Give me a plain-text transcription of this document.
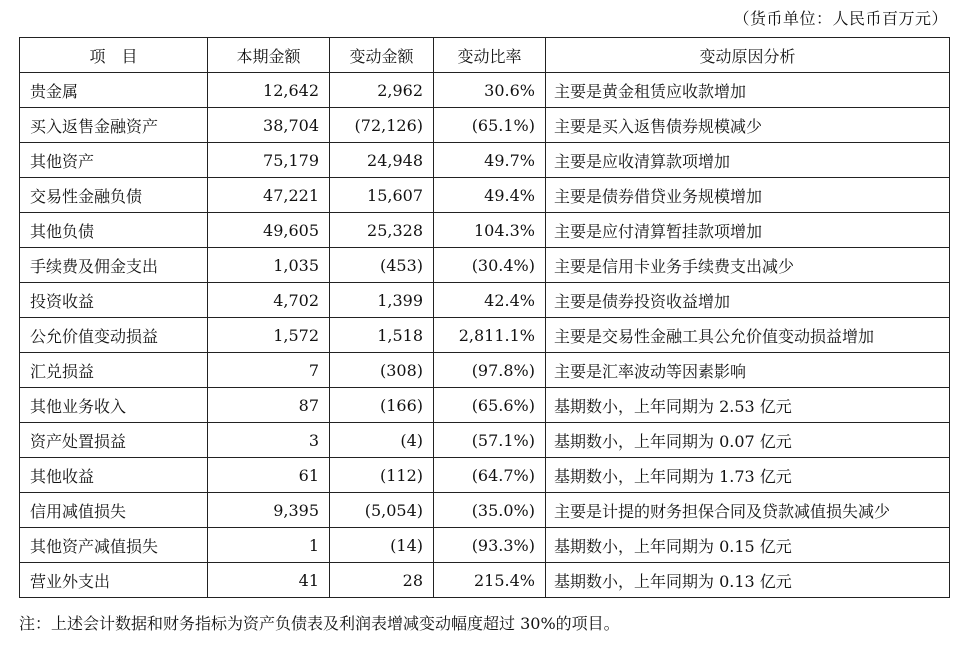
（货币单位：人民币百万元）
项　目	本期金额	变动金额	变动比率	变动原因分析
贵金属	12,642	2,962	30.6%	主要是黄金租赁应收款增加
买入返售金融资产	38,704	(72,126)	(65.1%)	主要是买入返售债券规模减少
其他资产	75,179	24,948	49.7%	主要是应收清算款项增加
交易性金融负债	47,221	15,607	49.4%	主要是债券借贷业务规模增加
其他负债	49,605	25,328	104.3%	主要是应付清算暂挂款项增加
手续费及佣金支出	1,035	(453)	(30.4%)	主要是信用卡业务手续费支出减少
投资收益	4,702	1,399	42.4%	主要是债券投资收益增加
公允价值变动损益	1,572	1,518	2,811.1%	主要是交易性金融工具公允价值变动损益增加
汇兑损益	7	(308)	(97.8%)	主要是汇率波动等因素影响
其他业务收入	87	(166)	(65.6%)	基期数小，上年同期为 2.53 亿元
资产处置损益	3	(4)	(57.1%)	基期数小，上年同期为 0.07 亿元
其他收益	61	(112)	(64.7%)	基期数小，上年同期为 1.73 亿元
信用减值损失	9,395	(5,054)	(35.0%)	主要是计提的财务担保合同及贷款减值损失减少
其他资产减值损失	1	(14)	(93.3%)	基期数小，上年同期为 0.15 亿元
营业外支出	41	28	215.4%	基期数小，上年同期为 0.13 亿元
注：上述会计数据和财务指标为资产负债表及利润表增减变动幅度超过 30%的项目。
